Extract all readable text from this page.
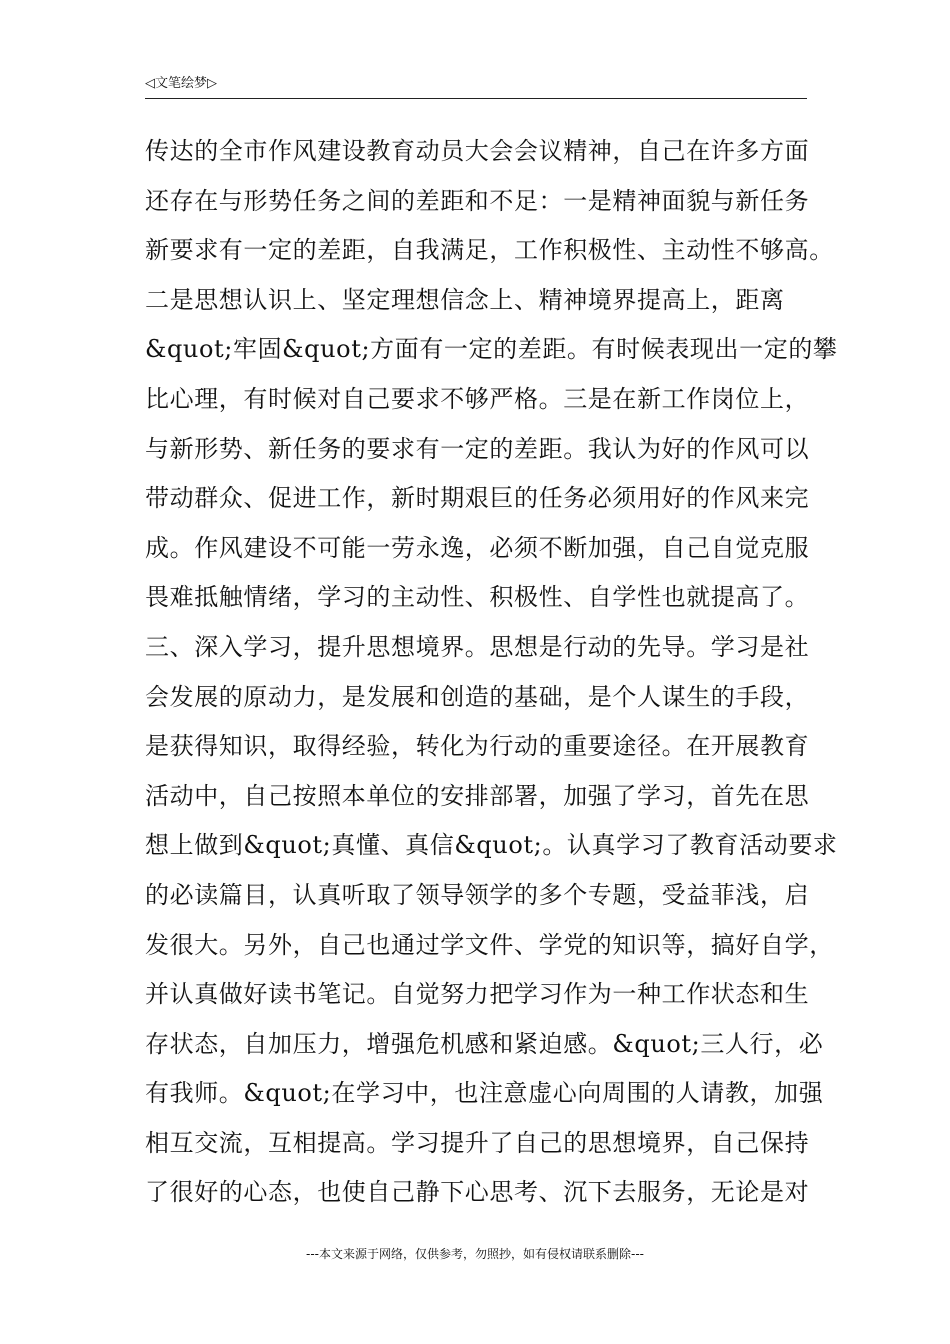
◁文笔绘梦▷
传达的全市作风建设教育动员大会会议精神，自己在许多方面
还存在与形势任务之间的差距和不足：一是精神面貌与新任务
新要求有一定的差距，自我满足，工作积极性、主动性不够高。
二是思想认识上、坚定理想信念上、精神境界提高上，距离
&quot;牢固&quot;方面有一定的差距。有时候表现出一定的攀
比心理，有时候对自己要求不够严格。三是在新工作岗位上，
与新形势、新任务的要求有一定的差距。我认为好的作风可以
带动群众、促进工作，新时期艰巨的任务必须用好的作风来完
成。作风建设不可能一劳永逸，必须不断加强，自己自觉克服
畏难抵触情绪，学习的主动性、积极性、自学性也就提高了。
三、深入学习，提升思想境界。思想是行动的先导。学习是社
会发展的原动力，是发展和创造的基础，是个人谋生的手段，
是获得知识，取得经验，转化为行动的重要途径。在开展教育
活动中，自己按照本单位的安排部署，加强了学习，首先在思
想上做到&quot;真懂、真信&quot;。认真学习了教育活动要求
的必读篇目，认真听取了领导领学的多个专题，受益菲浅，启
发很大。另外，自己也通过学文件、学党的知识等，搞好自学，
并认真做好读书笔记。自觉努力把学习作为一种工作状态和生
存状态，自加压力，增强危机感和紧迫感。&quot;三人行，必
有我师。&quot;在学习中，也注意虚心向周围的人请教，加强
相互交流，互相提高。学习提升了自己的思想境界，自己保持
了很好的心态，也使自己静下心思考、沉下去服务，无论是对
---本文来源于网络，仅供参考，勿照抄，如有侵权请联系删除---
